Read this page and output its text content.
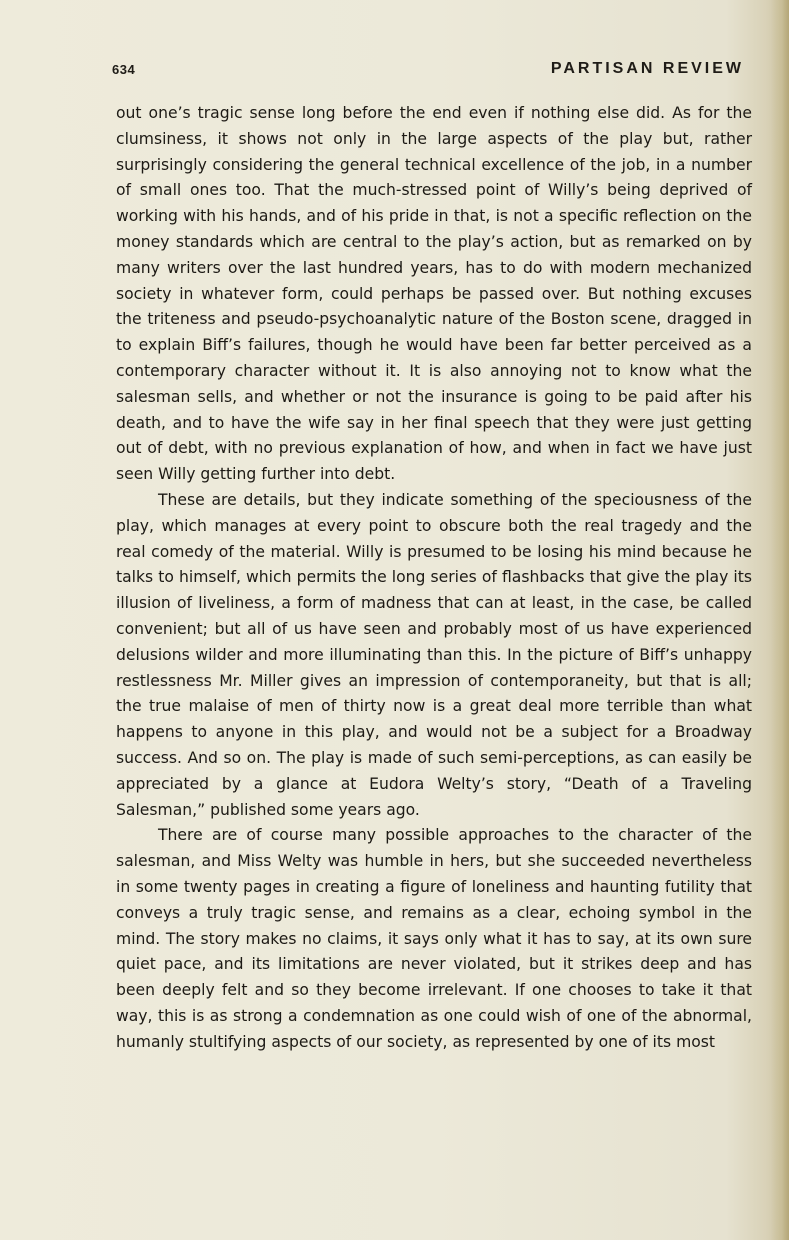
634	PARTISAN REVIEW

out one’s tragic sense long before the end even if nothing else did. As for the clumsiness, it shows not only in the large aspects of the play but, rather surprisingly considering the general technical excellence of the job, in a number of small ones too. That the much-stressed point of Willy’s being deprived of working with his hands, and of his pride in that, is not a specific reflection on the money standards which are central to the play’s action, but as remarked on by many writers over the last hundred years, has to do with modern mechanized society in whatever form, could perhaps be passed over. But nothing excuses the triteness and pseudo-psychoanalytic nature of the Boston scene, dragged in to explain Biff’s failures, though he would have been far better perceived as a contemporary character without it. It is also annoying not to know what the salesman sells, and whether or not the insurance is going to be paid after his death, and to have the wife say in her final speech that they were just getting out of debt, with no previous explanation of how, and when in fact we have just seen Willy getting further into debt.

These are details, but they indicate something of the speciousness of the play, which manages at every point to obscure both the real tragedy and the real comedy of the material. Willy is presumed to be losing his mind because he talks to himself, which permits the long series of flashbacks that give the play its illusion of liveliness, a form of madness that can at least, in the case, be called convenient; but all of us have seen and probably most of us have experienced delusions wilder and more illuminating than this. In the picture of Biff’s unhappy restlessness Mr. Miller gives an impression of contemporaneity, but that is all; the true malaise of men of thirty now is a great deal more terrible than what happens to anyone in this play, and would not be a subject for a Broadway success. And so on. The play is made of such semi-perceptions, as can easily be appreciated by a glance at Eudora Welty’s story, “Death of a Traveling Salesman,” published some years ago.

There are of course many possible approaches to the character of the salesman, and Miss Welty was humble in hers, but she succeeded nevertheless in some twenty pages in creating a figure of loneliness and haunting futility that conveys a truly tragic sense, and remains as a clear, echoing symbol in the mind. The story makes no claims, it says only what it has to say, at its own sure quiet pace, and its limitations are never violated, but it strikes deep and has been deeply felt and so they become irrelevant. If one chooses to take it that way, this is as strong a condemnation as one could wish of one of the abnormal, humanly stultifying aspects of our society, as represented by one of its most
